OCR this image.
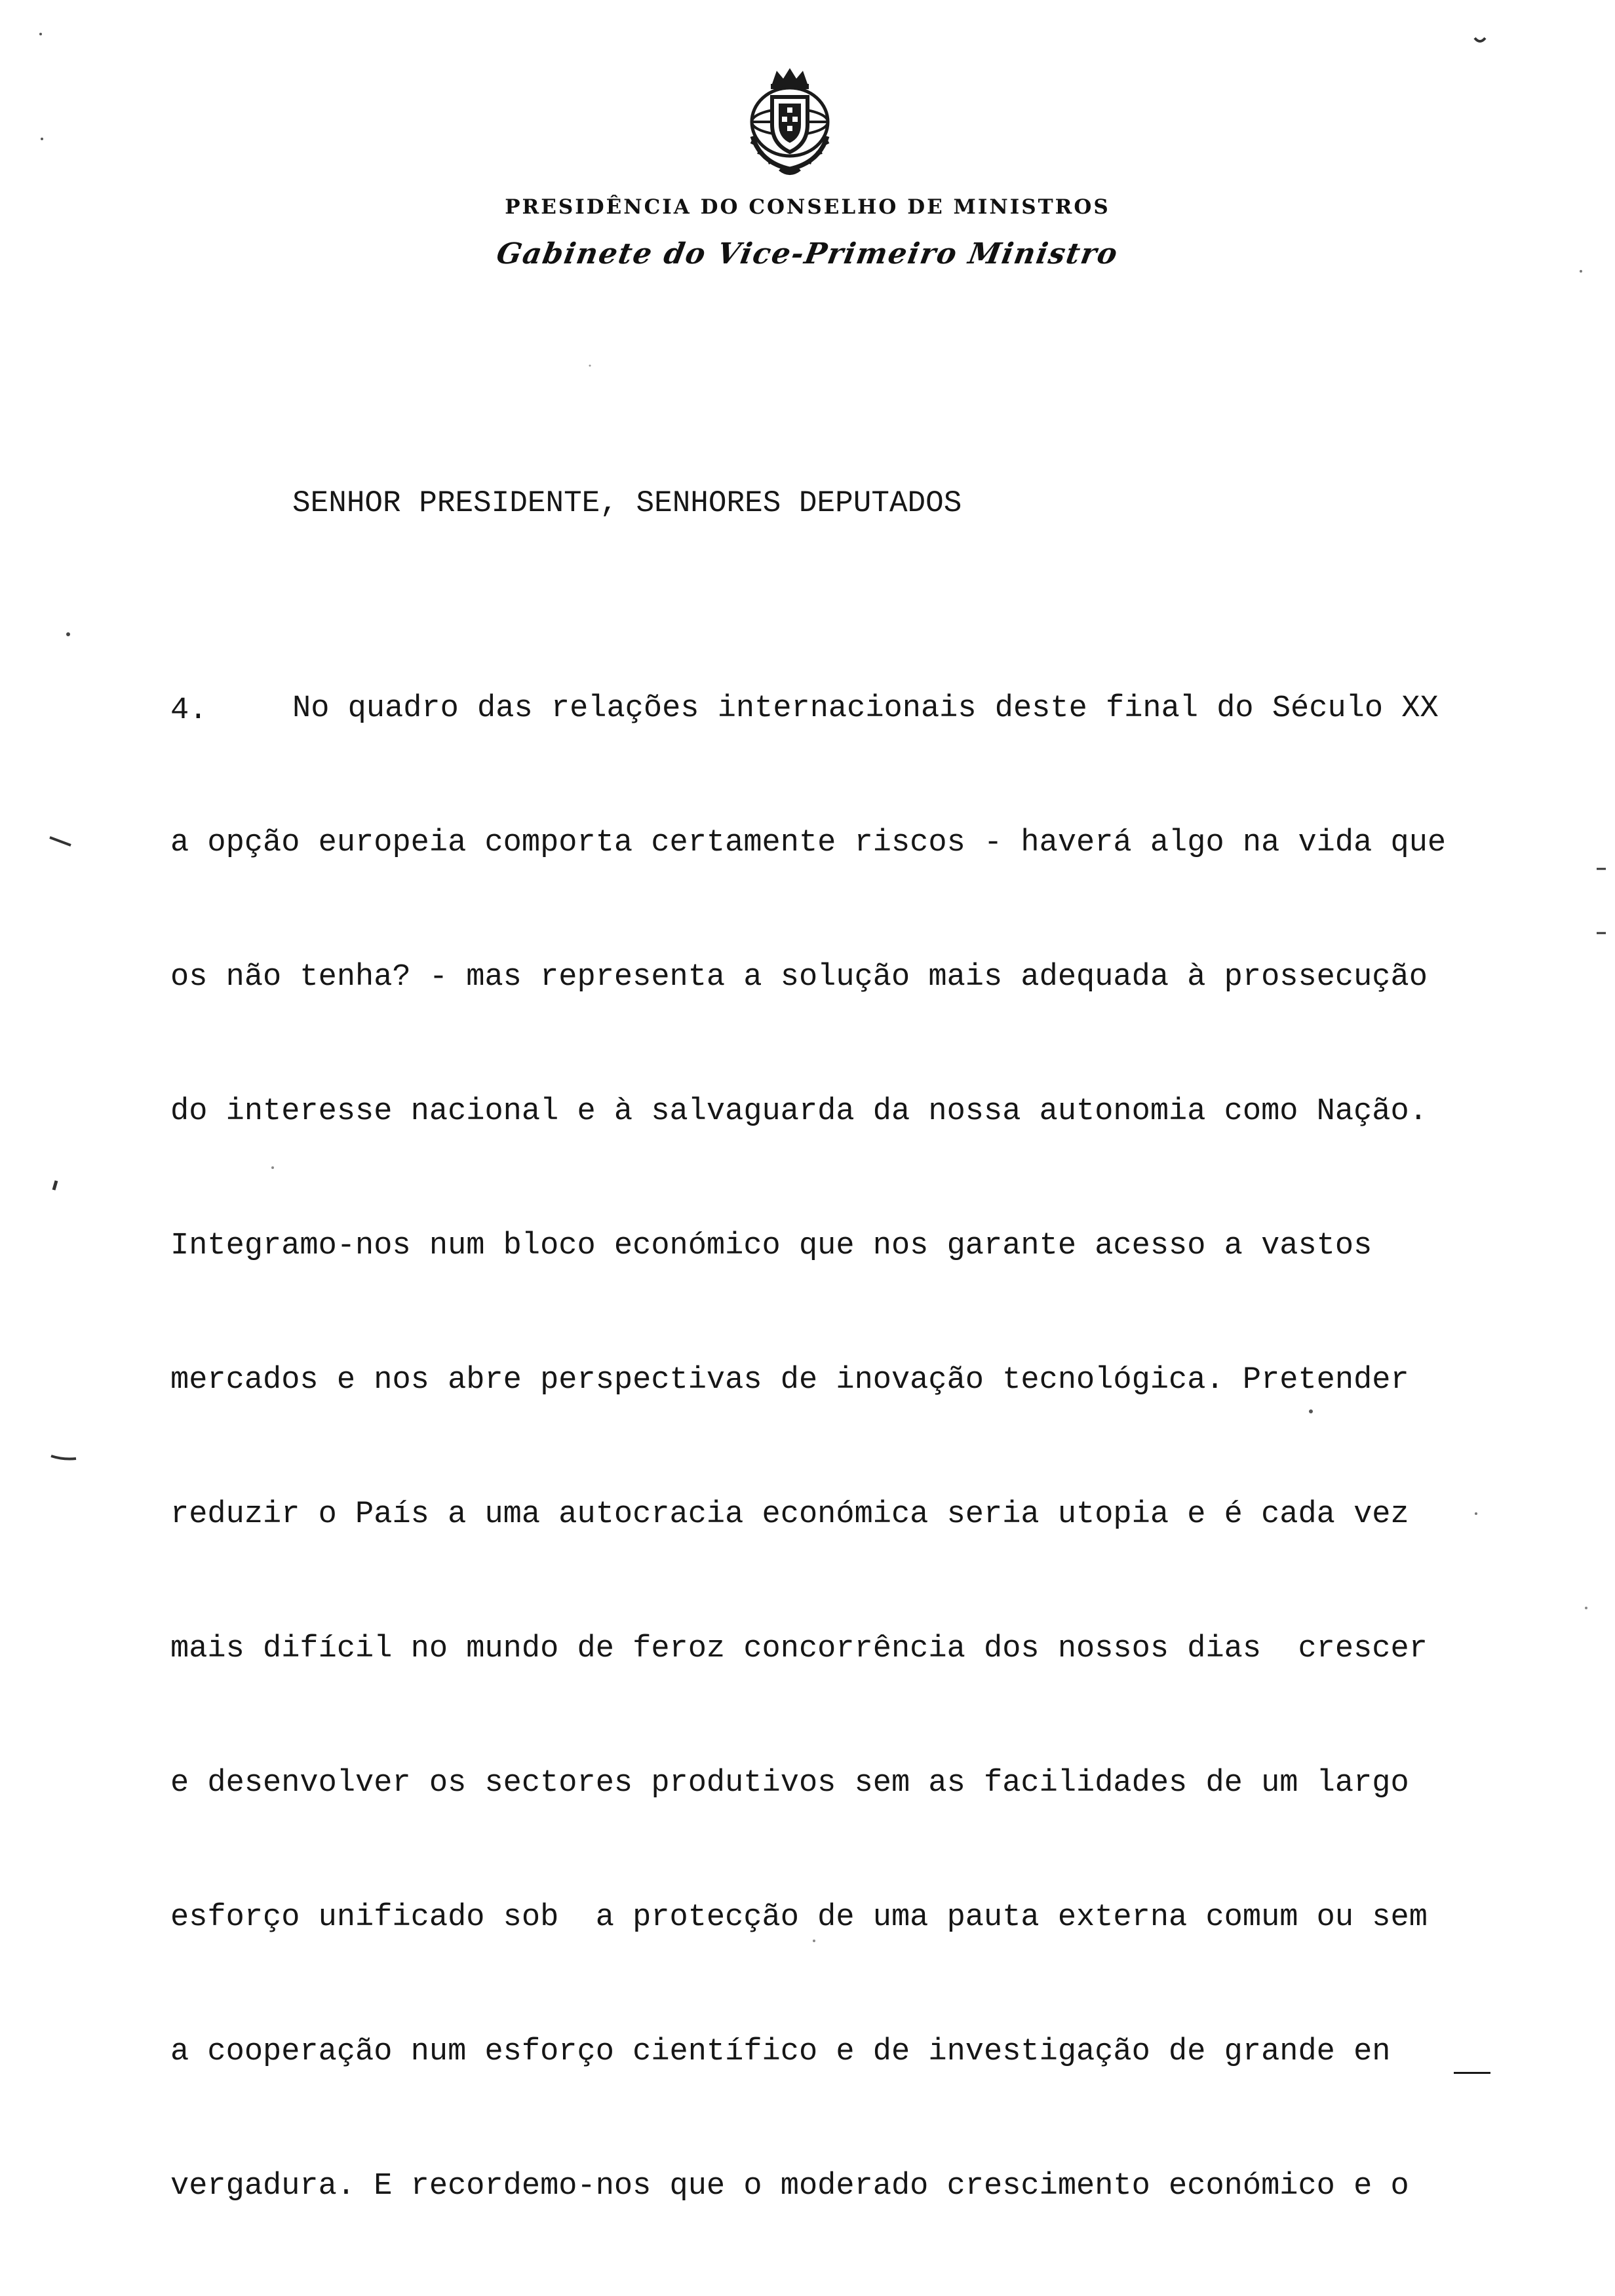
PRESIDÊNCIA DO CONSELHO DE MINISTROS
Gabinete do Vice-Primeiro Ministro
SENHOR PRESIDENTE, SENHORES DEPUTADOS
4.	No quadro das relações internacionais deste final do Século XX
a opção europeia comporta certamente riscos - haverá algo na vida que
os não tenha? - mas representa a solução mais adequada à prossecução
do interesse nacional e à salvaguarda da nossa autonomia como Nação.
Integramo-nos num bloco económico que nos garante acesso a vastos
mercados e nos abre perspectivas de inovação tecnológica. Pretender
reduzir o País a uma autocracia económica seria utopia e é cada vez
mais difícil no mundo de feroz concorrência dos nossos dias  crescer
e desenvolver os sectores produtivos sem as facilidades de um largo
esforço unificado sob  a protecção de uma pauta externa comum ou sem
a cooperação num esforço científico e de investigação de grande en
vergadura. E recordemo-nos que o moderado crescimento económico e o
